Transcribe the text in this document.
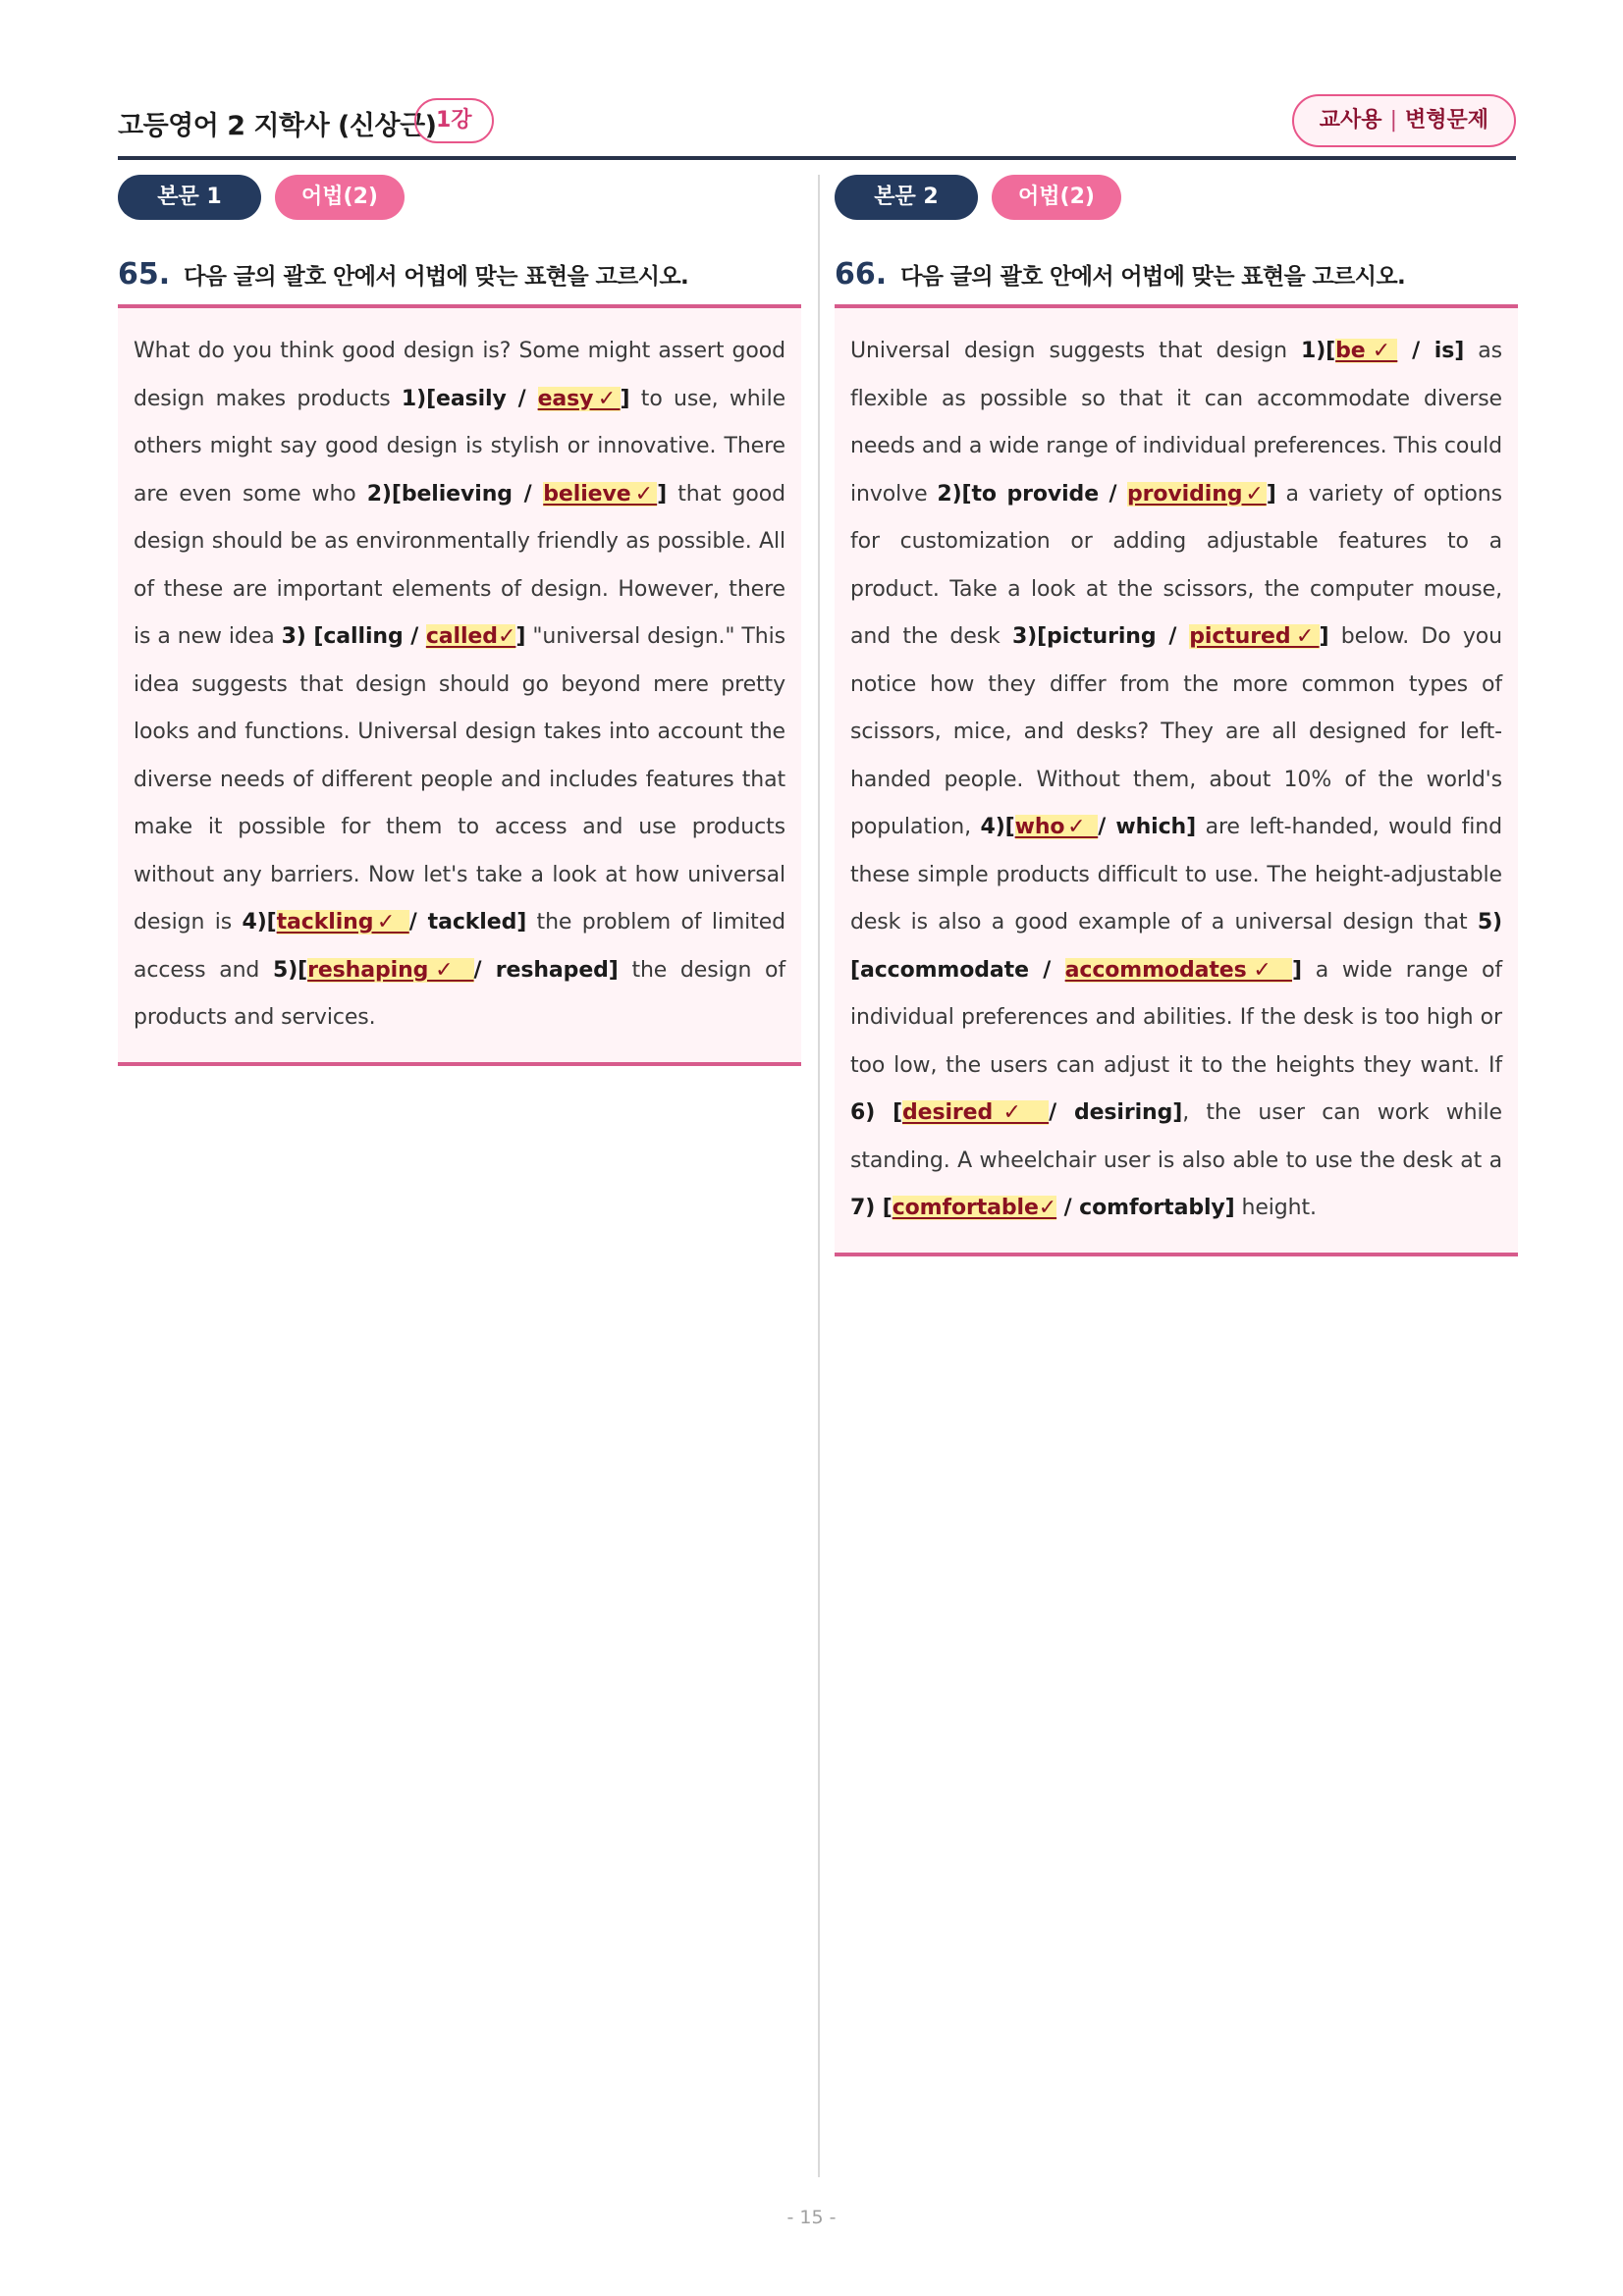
고등영어 2 지학사 (신상근) 1강	교사용 | 변형문제
본문 1	어법(2)
65. 다음 글의 괄호 안에서 어법에 맞는 표현을 고르시오.

What do you think good design is? Some might assert good design makes products 1)[easily / easy✓] to use, while others might say good design is stylish or innovative. There are even some who 2)[believing / believe✓] that good design should be as environmentally friendly as possible. All of these are important elements of design. However, there is a new idea 3) [calling / called✓] "universal design." This idea suggests that design should go beyond mere pretty looks and functions. Universal design takes into account the diverse needs of different people and includes features that make it possible for them to access and use products without any barriers. Now let's take a look at how universal design is 4)[tackling✓ / tackled] the problem of limited access and 5)[reshaping✓ / reshaped] the design of products and services.

본문 2	어법(2)
66. 다음 글의 괄호 안에서 어법에 맞는 표현을 고르시오.

Universal design suggests that design 1)[be✓ / is] as flexible as possible so that it can accommodate diverse needs and a wide range of individual preferences. This could involve 2)[to provide / providing✓] a variety of options for customization or adding adjustable features to a product. Take a look at the scissors, the computer mouse, and the desk 3)[picturing / pictured✓] below. Do you notice how they differ from the more common types of scissors, mice, and desks? They are all designed for left-handed people. Without them, about 10% of the world's population, 4)[who✓ / which] are left-handed, would find these simple products difficult to use. The height-adjustable desk is also a good example of a universal design that 5)[accommodate / accommodates✓ ] a wide range of individual preferences and abilities. If the desk is too high or too low, the users can adjust it to the heights they want. If 6) [desired✓ / desiring], the user can work while standing. A wheelchair user is also able to use the desk at a 7) [comfortable✓ / comfortably] height.

- 15 -
